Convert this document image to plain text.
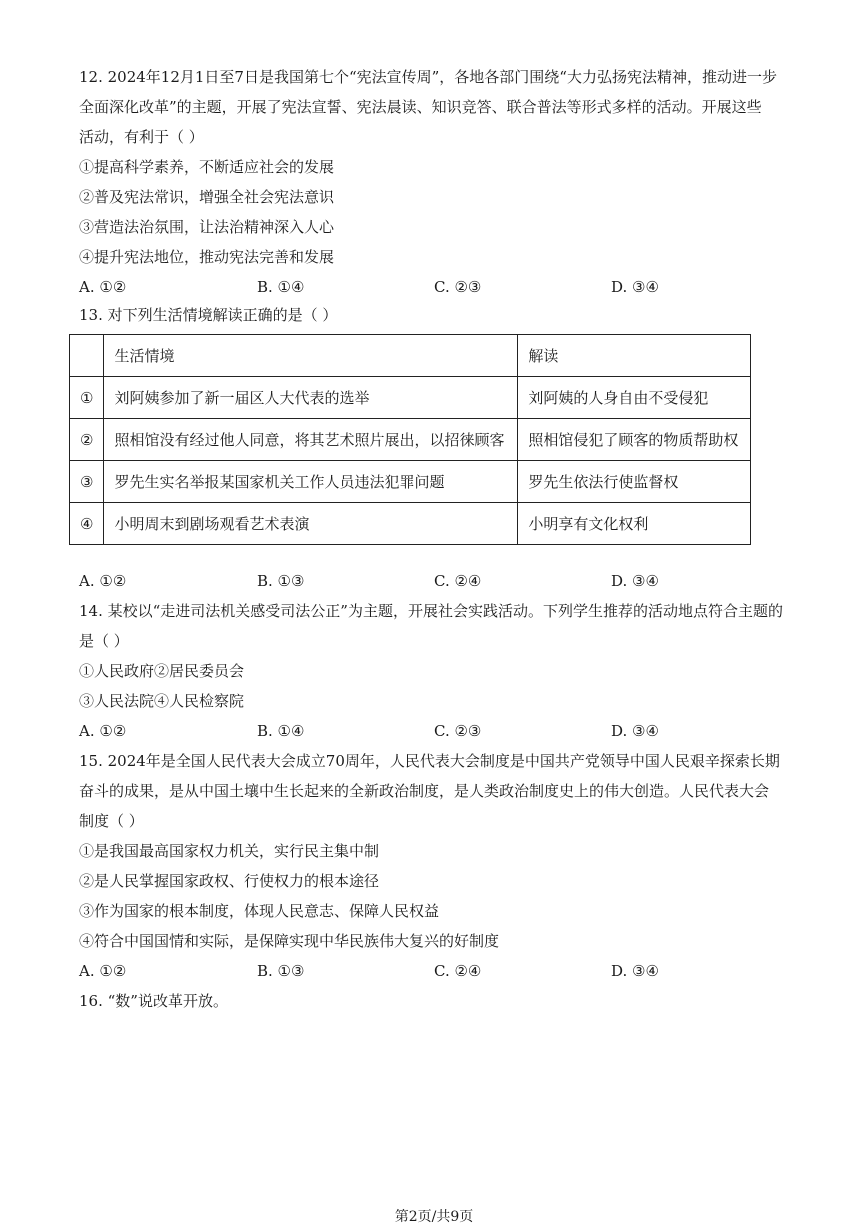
12. 2024年12月1日至7日是我国第七个“宪法宣传周”，各地各部门围绕“大力弘扬宪法精神，推动进一步
全面深化改革”的主题，开展了宪法宣誓、宪法晨读、知识竞答、联合普法等形式多样的活动。开展这些
活动，有利于（ ）
①提高科学素养，不断适应社会的发展
②普及宪法常识，增强全社会宪法意识
③营造法治氛围，让法治精神深入人心
④提升宪法地位，推动宪法完善和发展
A. ①②	B. ①④	C. ②③	D. ③④
13. 对下列生活情境解读正确的是（ ）
	生活情境	解读
①	刘阿姨参加了新一届区人大代表的选举	刘阿姨的人身自由不受侵犯
②	照相馆没有经过他人同意，将其艺术照片展出，以招徕顾客	照相馆侵犯了顾客的物质帮助权
③	罗先生实名举报某国家机关工作人员违法犯罪问题	罗先生依法行使监督权
④	小明周末到剧场观看艺术表演	小明享有文化权利
A. ①②	B. ①③	C. ②④	D. ③④
14. 某校以“走进司法机关感受司法公正”为主题，开展社会实践活动。下列学生推荐的活动地点符合主题的
是（ ）
①人民政府②居民委员会
③人民法院④人民检察院
A. ①②	B. ①④	C. ②③	D. ③④
15. 2024年是全国人民代表大会成立70周年，人民代表大会制度是中国共产党领导中国人民艰辛探索长期
奋斗的成果，是从中国土壤中生长起来的全新政治制度，是人类政治制度史上的伟大创造。人民代表大会
制度（ ）
①是我国最高国家权力机关，实行民主集中制
②是人民掌握国家政权、行使权力的根本途径
③作为国家的根本制度，体现人民意志、保障人民权益
④符合中国国情和实际，是保障实现中华民族伟大复兴的好制度
A. ①②	B. ①③	C. ②④	D. ③④
16. “数”说改革开放。
第2页/共9页
